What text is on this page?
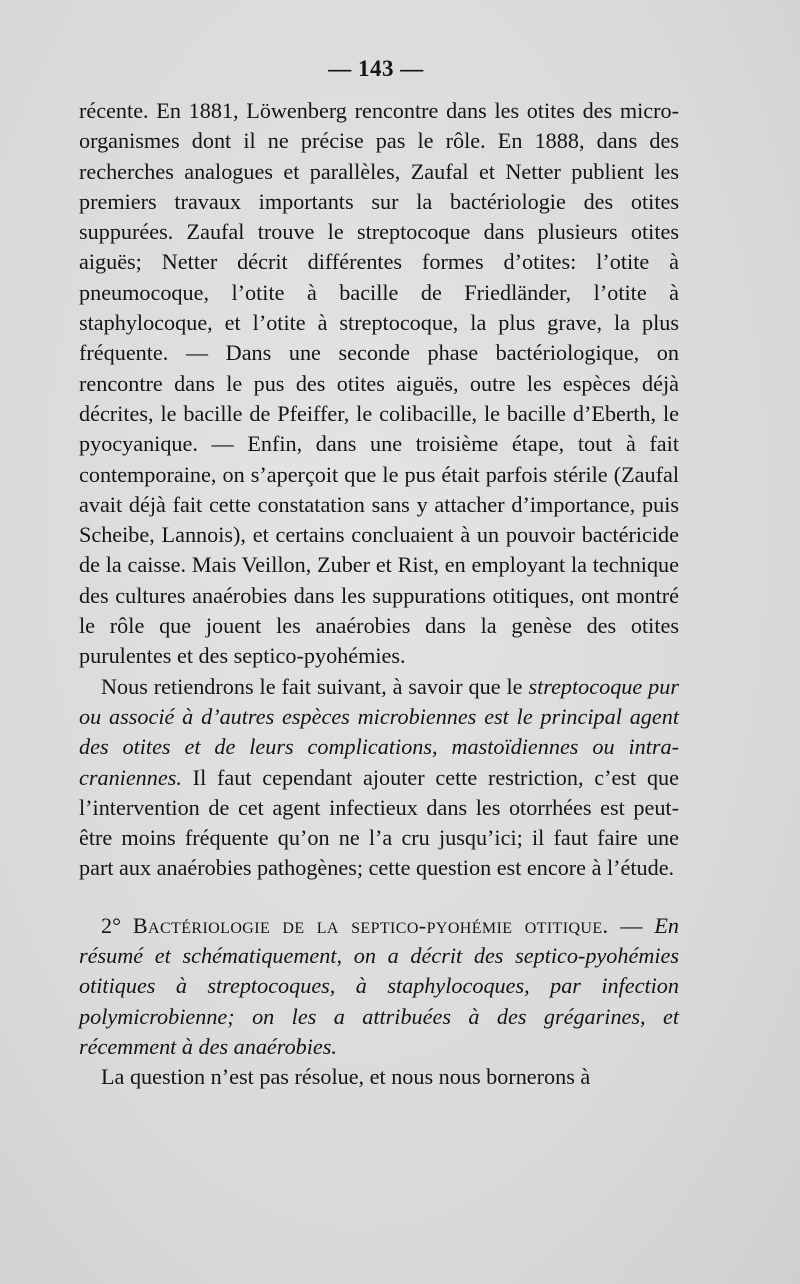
— 143 —

récente. En 1881, Löwenberg rencontre dans les otites des micro-organismes dont il ne précise pas le rôle. En 1888, dans des recherches analogues et parallèles, Zaufal et Netter publient les premiers travaux importants sur la bactériologie des otites suppurées. Zaufal trouve le streptocoque dans plusieurs otites aiguës; Netter décrit différentes formes d’otites: l’otite à pneumocoque, l’otite à bacille de Friedländer, l’otite à staphylocoque, et l’otite à streptocoque, la plus grave, la plus fréquente. — Dans une seconde phase bactériologique, on rencontre dans le pus des otites aiguës, outre les espèces déjà décrites, le bacille de Pfeiffer, le colibacille, le bacille d’Eberth, le pyocyanique. — Enfin, dans une troisième étape, tout à fait contemporaine, on s’aperçoit que le pus était parfois stérile (Zaufal avait déjà fait cette constatation sans y attacher d’importance, puis Scheibe, Lannois), et certains concluaient à un pouvoir bactéricide de la caisse. Mais Veillon, Zuber et Rist, en employant la technique des cultures anaérobies dans les suppurations otitiques, ont montré le rôle que jouent les anaérobies dans la genèse des otites purulentes et des septico-pyohémies.

Nous retiendrons le fait suivant, à savoir que le streptocoque pur ou associé à d’autres espèces microbiennes est le principal agent des otites et de leurs complications, mastoïdiennes ou intra-craniennes. Il faut cependant ajouter cette restriction, c’est que l’intervention de cet agent infectieux dans les otorrhées est peut-être moins fréquente qu’on ne l’a cru jusqu’ici; il faut faire une part aux anaérobies pathogènes; cette question est encore à l’étude.

2° Bactériologie de la septico-pyohémie otitique. — En résumé et schématiquement, on a décrit des septico-pyohémies otitiques à streptocoques, à staphylocoques, par infection polymicrobienne; on les a attribuées à des grégarines, et récemment à des anaérobies.

La question n’est pas résolue, et nous nous bornerons à
